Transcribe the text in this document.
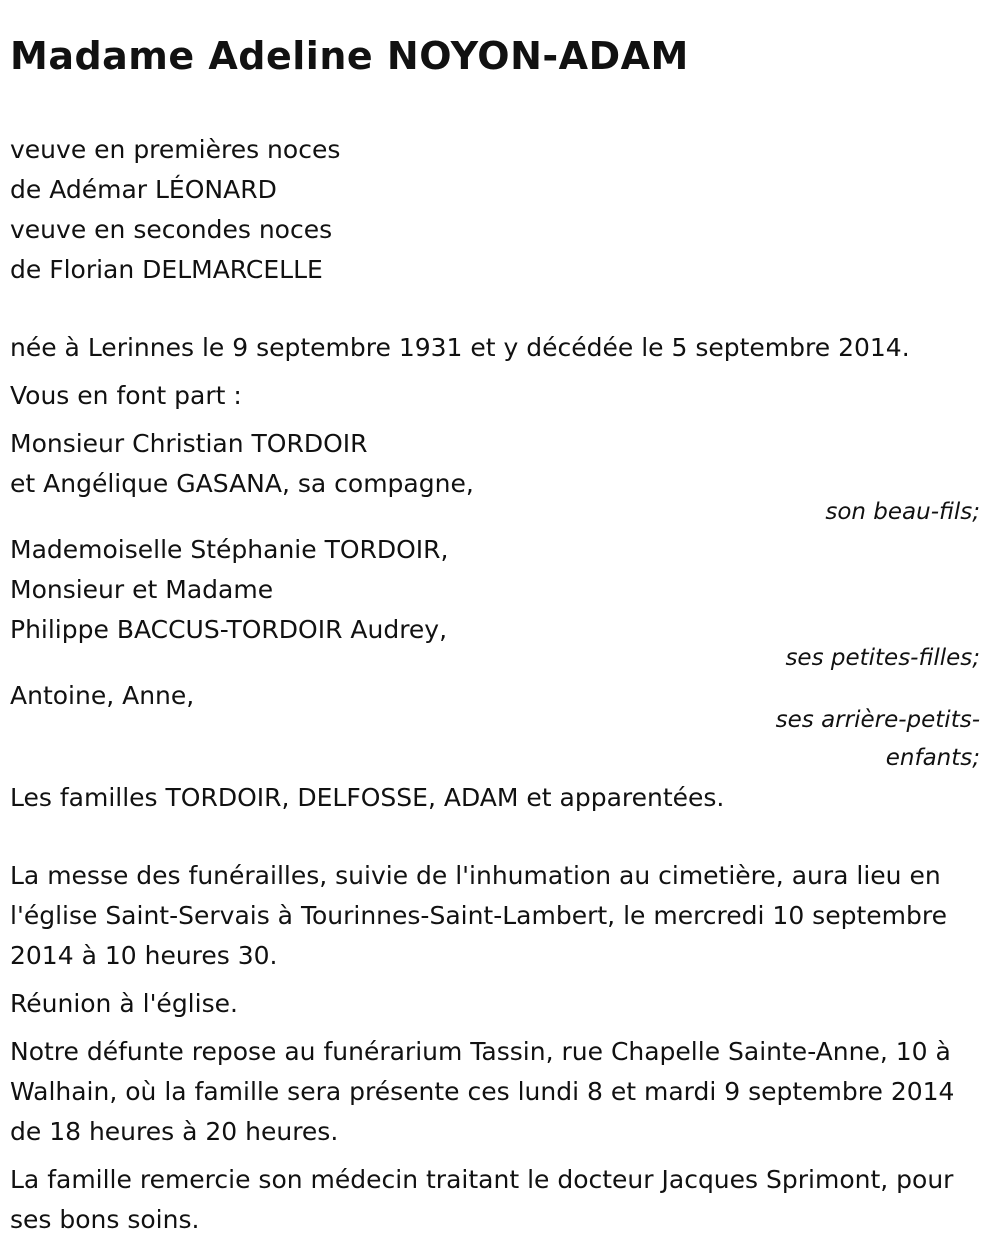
Madame Adeline NOYON-ADAM

veuve en premières noces

de Adémar LÉONARD

veuve en secondes noces

de Florian DELMARCELLE

née à Lerinnes le 9 septembre 1931 et y décédée le 5 septembre 2014.

Vous en font part :

Monsieur Christian TORDOIR

et Angélique GASANA, sa compagne,

son beau-fils;

Mademoiselle Stéphanie TORDOIR,

Monsieur et Madame

Philippe BACCUS-TORDOIR Audrey,

ses petites-filles;

Antoine, Anne,

ses arrière-petits-

enfants;

Les familles TORDOIR, DELFOSSE, ADAM et apparentées.

La messe des funérailles, suivie de l'inhumation au cimetière, aura lieu en l'église Saint-Servais à Tourinnes-Saint-Lambert, le mercredi 10 septembre 2014 à 10 heures 30.

Réunion à l'église.

Notre défunte repose au funérarium Tassin, rue Chapelle Sainte-Anne, 10 à Walhain, où la famille sera présente ces lundi 8 et mardi 9 septembre 2014 de 18 heures à 20 heures.

La famille remercie son médecin traitant le docteur Jacques Sprimont, pour ses bons soins.
